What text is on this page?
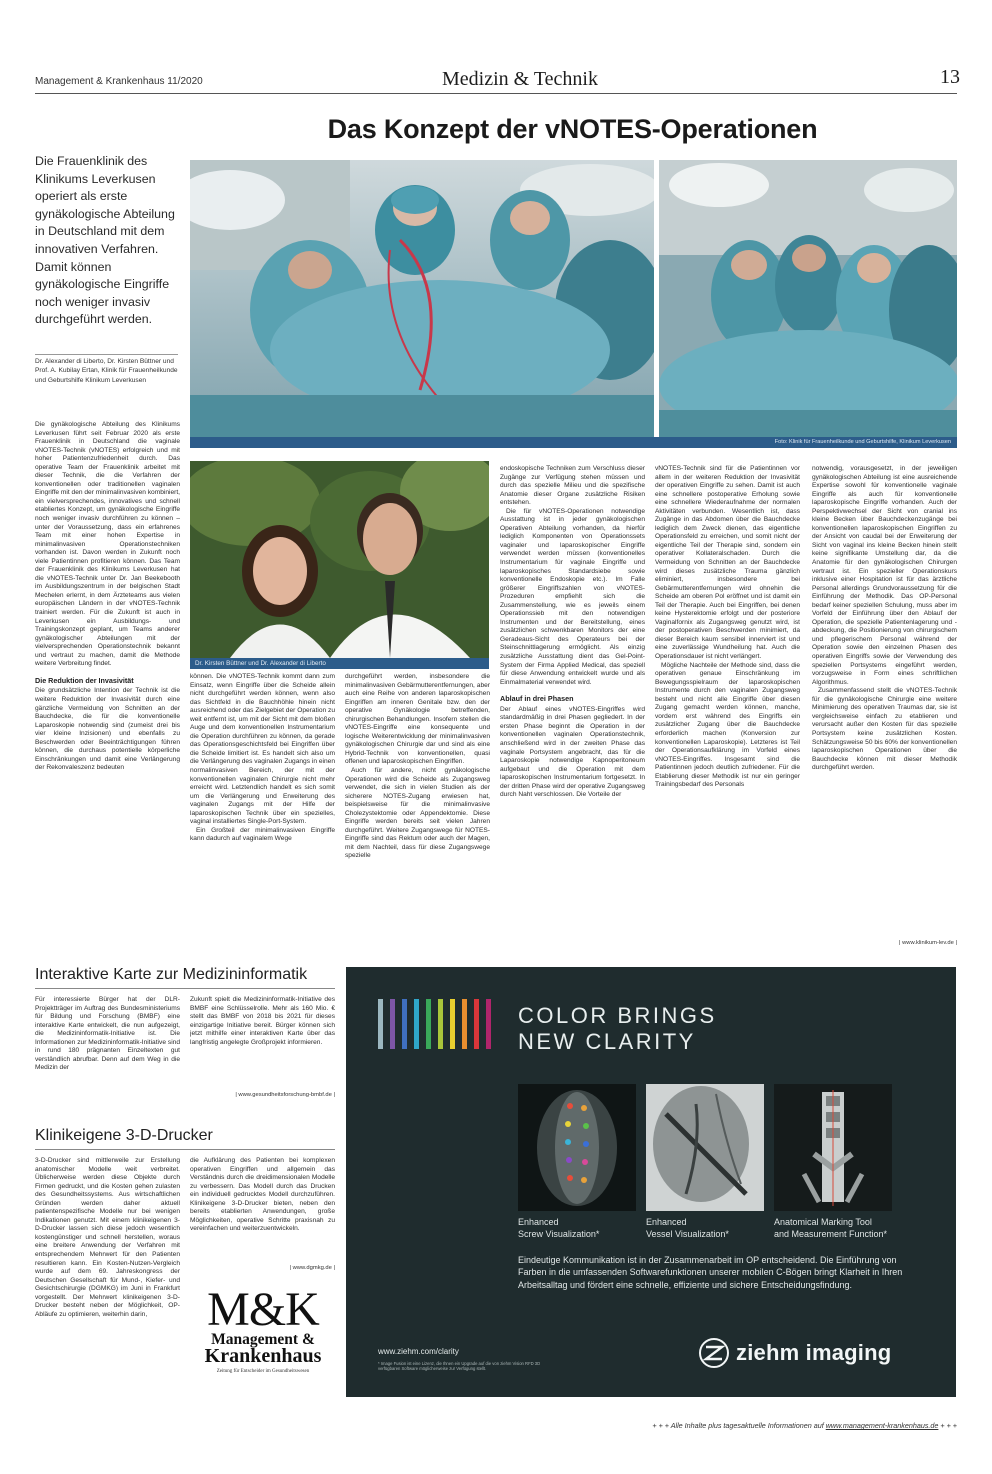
Management & Krankenhaus 11/2020	Medizin & Technik	13
Das Konzept der vNOTES-Operationen
Die Frauenklinik des Klinikums Leverkusen operiert als erste gynäkologische Abteilung in Deutschland mit dem innovativen Verfahren. Damit können gynäkologische Eingriffe noch weniger invasiv durchgeführt werden.
Dr. Alexander di Liberto, Dr. Kirsten Büttner und Prof. A. Kubilay Ertan, Klinik für Frauenheilkunde und Geburtshilfe Klinikum Leverkusen
Foto: Klinik für Frauenheilkunde und Geburtshilfe, Klinikum Leverkusen
Dr. Kirsten Büttner und Dr. Alexander di Liberto

Die gynäkologische Abteilung des Klinikums Leverkusen führt seit Februar 2020 als erste Frauenklinik in Deutschland die vaginale vNOTES-Technik (vNOTES) erfolgreich und mit hoher Patientenzufriedenheit durch. Das operative Team der Frauenklinik arbeitet mit dieser Technik, die die Verfahren der konventionellen oder traditionellen vaginalen Eingriffe mit den der minimalinvasiven kombiniert, ein vielversprechendes, innovatives und schnell etabliertes Konzept, um gynäkologische Eingriffe noch weniger invasiv durchführen zu können – unter der Voraussetzung, dass ein erfahrenes Team mit einer hohen Expertise in minimalinvasiven Operationstechniken vorhanden ist. Davon werden in Zukunft noch viele Patientinnen profitieren können. Das Team der Frauenklinik des Klinikums Leverkusen hat die vNOTES-Technik unter Dr. Jan Beekebooth im Ausbildungszentrum in der belgischen Stadt Mechelen erlernt, in dem Ärzteteams aus vielen europäischen Ländern in der vNOTES-Technik trainiert werden. Für die Zukunft ist auch in Leverkusen ein Ausbildungs- und Trainingskonzept geplant, um Teams anderer gynäkologischer Abteilungen mit der vielversprechenden Operationstechnik bekannt und vertraut zu machen, damit die Methode weitere Verbreitung findet.

Die Reduktion der Invasivität

Die grundsätzliche Intention der Technik ist die weitere Reduktion der Invasivität durch eine gänzliche Vermeidung von Schnitten an der Bauchdecke, die für die konventionelle Laparoskopie notwendig sind (zumeist drei bis vier kleine Inzisionen) und ebenfalls zu Beschwerden oder Beeinträchtigungen führen können, die durchaus potentielle körperliche Einschränkungen und damit eine Verlängerung der Rekonvaleszenz bedeuten

können. Die vNOTES-Technik kommt dann zum Einsatz, wenn Eingriffe über die Scheide allein nicht durchgeführt werden können, wenn also das Sichtfeld in die Bauchhöhle hinein nicht ausreichend oder das Zielgebiet der Operation zu weit entfernt ist, um mit der Sicht mit dem bloßen Auge und dem konventionellen Instrumentarium die Operation durchführen zu können, da gerade das Operationsgeschichtsfeld bei Eingriffen über die Scheide limitiert ist. Es handelt sich also um die Verlängerung des vaginalen Zugangs in einen normalinvasiven Bereich, der mit der konventionellen vaginalen Chirurgie nicht mehr erreicht wird. Letztendlich handelt es sich somit um die Verlängerung und Erweiterung des vaginalen Zugangs mit der Hilfe der laparoskopischen Technik über ein spezielles, vaginal installiertes Single-Port-System.

Ein Großteil der minimalinvasiven Eingriffe kann dadurch auf vaginalem Wege

durchgeführt werden, insbesondere die minimalinvasiven Gebärmutterentfernungen, aber auch eine Reihe von anderen laparoskopischen Eingriffen am inneren Genitale bzw. den der operative Gynäkologie betreffenden, chirurgischen Behandlungen. Insofern stellen die vNOTES-Eingriffe eine konsequente und logische Weiterentwicklung der minimalinvasiven gynäkologischen Chirurgie dar und sind als eine Hybrid-Technik von konventionellen, quasi offenen und laparoskopischen Eingriffen.

Auch für andere, nicht gynäkologische Operationen wird die Scheide als Zugangsweg verwendet, die sich in vielen Studien als der sicherere NOTES-Zugang erwiesen hat, beispielsweise für die minimalinvasive Cholezystektomie oder Appendektomie. Diese Eingriffe werden bereits seit vielen Jahren durchgeführt. Weitere Zugangswege für NOTES-Eingriffe sind das Rektum oder auch der Magen, mit dem Nachteil, dass für diese Zugangswege spezielle

endoskopische Techniken zum Verschluss dieser Zugänge zur Verfügung stehen müssen und durch das spezielle Milieu und die spezifische Anatomie dieser Organe zusätzliche Risiken entstehen.

Die für vNOTES-Operationen notwendige Ausstattung ist in jeder gynäkologischen Operativen Abteilung vorhanden, da hierfür lediglich Komponenten von Operationssets vaginaler und laparoskopischer Eingriffe verwendet werden müssen (konventionelles Instrumentarium für vaginale Eingriffe und laparoskopisches Standardsiebe sowie konventionelle Endoskopie etc.). Im Falle größerer Eingriffszahlen von vNOTES-Prozeduren empfiehlt sich die Zusammenstellung, wie es jeweils einem Operationssieb mit den notwendigen Instrumenten und der Bereitstellung, eines zusätzlichen schwenkbaren Monitors der eine Geradeaus-Sicht des Operateurs bei der Steinschnittlagerung ermöglicht. Als einzig zusätzliche Ausstattung dient das Gel-Point-System der Firma Applied Medical, das speziell für diese Anwendung entwickelt wurde und als Einmalmaterial verwendet wird.

Ablauf in drei Phasen

Der Ablauf eines vNOTES-Eingriffes wird standardmäßig in drei Phasen gegliedert. In der ersten Phase beginnt die Operation in der konventionellen vaginalen Operationstechnik, anschließend wird in der zweiten Phase das vaginale Portsystem angebracht, das für die Laparoskopie notwendige Kapnoperitoneum aufgebaut und die Operation mit dem laparoskopischen Instrumentarium fortgesetzt. In der dritten Phase wird der operative Zugangsweg durch Naht verschlossen. Die Vorteile der

vNOTES-Technik sind für die Patientinnen vor allem in der weiteren Reduktion der Invasivität der operativen Eingriffe zu sehen. Damit ist auch eine schnellere postoperative Erholung sowie eine schnellere Wiederaufnahme der normalen Aktivitäten verbunden. Wesentlich ist, dass Zugänge in das Abdomen über die Bauchdecke lediglich dem Zweck dienen, das eigentliche Operationsfeld zu erreichen, und somit nicht der eigentliche Teil der Therapie sind, sondern ein operativer Kollateralschaden. Durch die Vermeidung von Schnitten an der Bauchdecke wird dieses zusätzliche Trauma gänzlich eliminiert, insbesondere bei Gebärmutterentfernungen wird ohnehin die Scheide am oberen Pol eröffnet und ist damit ein Teil der Therapie. Auch bei Eingriffen, bei denen keine Hysterektomie erfolgt und der posteriore Vaginalfornix als Zugangsweg genutzt wird, ist der postoperativen Beschwerden minimiert, da dieser Bereich kaum sensibel innerviert ist und eine zuverlässige Wundheilung hat. Auch die Operationsdauer ist nicht verlängert.

Mögliche Nachteile der Methode sind, dass die operativen genaue Einschränkung im Bewegungsspielraum der laparoskopischen Instrumente durch den vaginalen Zugangsweg besteht und nicht alle Eingriffe über diesen Zugang gemacht werden können, manche, vordem erst während des Eingriffs ein zusätzlicher Zugang über die Bauchdecke erforderlich machen (Konversion zur konventionellen Laparoskopie). Letzteres ist Teil der Operationsaufklärung im Vorfeld eines vNOTES-Eingriffes. Insgesamt sind die Patientinnen jedoch deutlich zufriedener. Für die Etablierung dieser Methodik ist nur ein geringer Trainingsbedarf des Personals

notwendig, vorausgesetzt, in der jeweiligen gynäkologischen Abteilung ist eine ausreichende Expertise sowohl für konventionelle vaginale Eingriffe als auch für konventionelle laparoskopische Eingriffe vorhanden. Auch der Perspektivwechsel der Sicht von cranial ins kleine Becken über Bauchdeckenzugänge bei konventionellen laparoskopischen Eingriffen zu der Ansicht von caudal bei der Erweiterung der Sicht von vaginal ins kleine Becken hinein stellt keine signifikante Umstellung dar, da die Anatomie für den gynäkologischen Chirurgen vertraut ist. Ein spezieller Operationskurs inklusive einer Hospitation ist für das ärztliche Personal allerdings Grundvoraussetzung für die Einführung der Methodik. Das OP-Personal bedarf keiner speziellen Schulung, muss aber im Vorfeld der Einführung über den Ablauf der Operation, die spezielle Patientenlagerung und -abdeckung, die Positionierung von chirurgischem und pflegerischem Personal während der Operation sowie den einzelnen Phasen des operativen Eingriffs sowie der Verwendung des speziellen Portsystems eingeführt werden, vorzugsweise in Form eines schriftlichen Algorithmus.

Zusammenfassend stellt die vNOTES-Technik für die gynäkologische Chirurgie eine weitere Minimierung des operativen Traumas dar, sie ist vergleichsweise einfach zu etablieren und verursacht außer den Kosten für das spezielle Portsystem keine zusätzlichen Kosten. Schätzungsweise 50 bis 60% der konventionellen laparoskopischen Operationen über die Bauchdecke können mit dieser Methodik durchgeführt werden.

| www.klinikum-lev.de |
Interaktive Karte zur Medizininformatik

Für interessierte Bürger hat der DLR-Projektträger im Auftrag des Bundesministeriums für Bildung und Forschung (BMBF) eine interaktive Karte entwickelt, die nun aufgezeigt, die Medizininformatik-Initiative ist. Die Informationen zur Medizininformatik-Initiative sind in rund 180 prägnanten Einzeltexten gut verständlich abrufbar. Denn auf dem Weg in die Medizin der

Zukunft spielt die Medizininformatik-Initiative des BMBF eine Schlüsselrolle. Mehr als 160 Mio. € stellt das BMBF von 2018 bis 2021 für dieses einzigartige Initiative bereit. Bürger können sich jetzt mithilfe einer interaktiven Karte über das langfristig angelegte Großprojekt informieren.

| www.gesundheitsforschung-bmbf.de |
Klinikeigene 3-D-Drucker

3-D-Drucker sind mittlerweile zur Erstellung anatomischer Modelle weit verbreitet. Üblicherweise werden diese Objekte durch Firmen gedruckt, und die Kosten gehen zulasten des Gesundheitssystems. Aus wirtschaftlichen Gründen werden daher aktuell patientenspezifische Modelle nur bei wenigen Indikationen genutzt. Mit einem klinikeigenen 3-D-Drucker lassen sich diese jedoch wesentlich kostengünstiger und schnell herstellen, woraus eine breitere Anwendung der Verfahren mit entsprechendem Mehrwert für den Patienten resultieren kann. Ein Kosten-Nutzen-Vergleich wurde auf dem 69. Jahreskongress der Deutschen Gesellschaft für Mund-, Kiefer- und Gesichtschirurgie (DGMKG) im Juni in Frankfurt vorgestellt. Der Mehrwert klinikeigenen 3-D-Drucker besteht neben der Möglichkeit, OP-Abläufe zu optimieren, weiterhin darin,

die Aufklärung des Patienten bei komplexen operativen Eingriffen und allgemein das Verständnis durch die dreidimensionalen Modelle zu verbessern. Das Modell durch das Drucken ein individuell gedrucktes Modell durchzuführen. Klinikeigene 3-D-Drucker bieten, neben den bereits etablierten Anwendungen, große Möglichkeiten, operative Schritte praxisnah zu vereinfachen und weiterzuentwickeln.

| www.dgmkg.de |
M&K
Management &
Krankenhaus
Zeitung für Entscheider im Gesundheitswesen
COLOR BRINGS
NEW CLARITY
Enhanced
Screw Visualization*
Enhanced
Vessel Visualization*
Anatomical Marking Tool
and Measurement Function*
Eindeutige Kommunikation ist in der Zusammenarbeit im OP entscheidend. Die Einführung von Farben in die umfassenden Softwarefunktionen unserer mobilen C-Bögen bringt Klarheit in Ihren Arbeitsalltag und fördert eine schnelle, effiziente und sichere Entscheidungsfindung.
www.ziehm.com/clarity
* Image Fusion ist eine Lizenz, die Ihnen ein Upgrade auf die von ziehm Vision RFD 3D verfügbaren Software möglicherweise zur Verfügung stellt.
ziehm imaging
+ + + Alle Inhalte plus tagesaktuelle Informationen auf www.management-krankenhaus.de + + +
